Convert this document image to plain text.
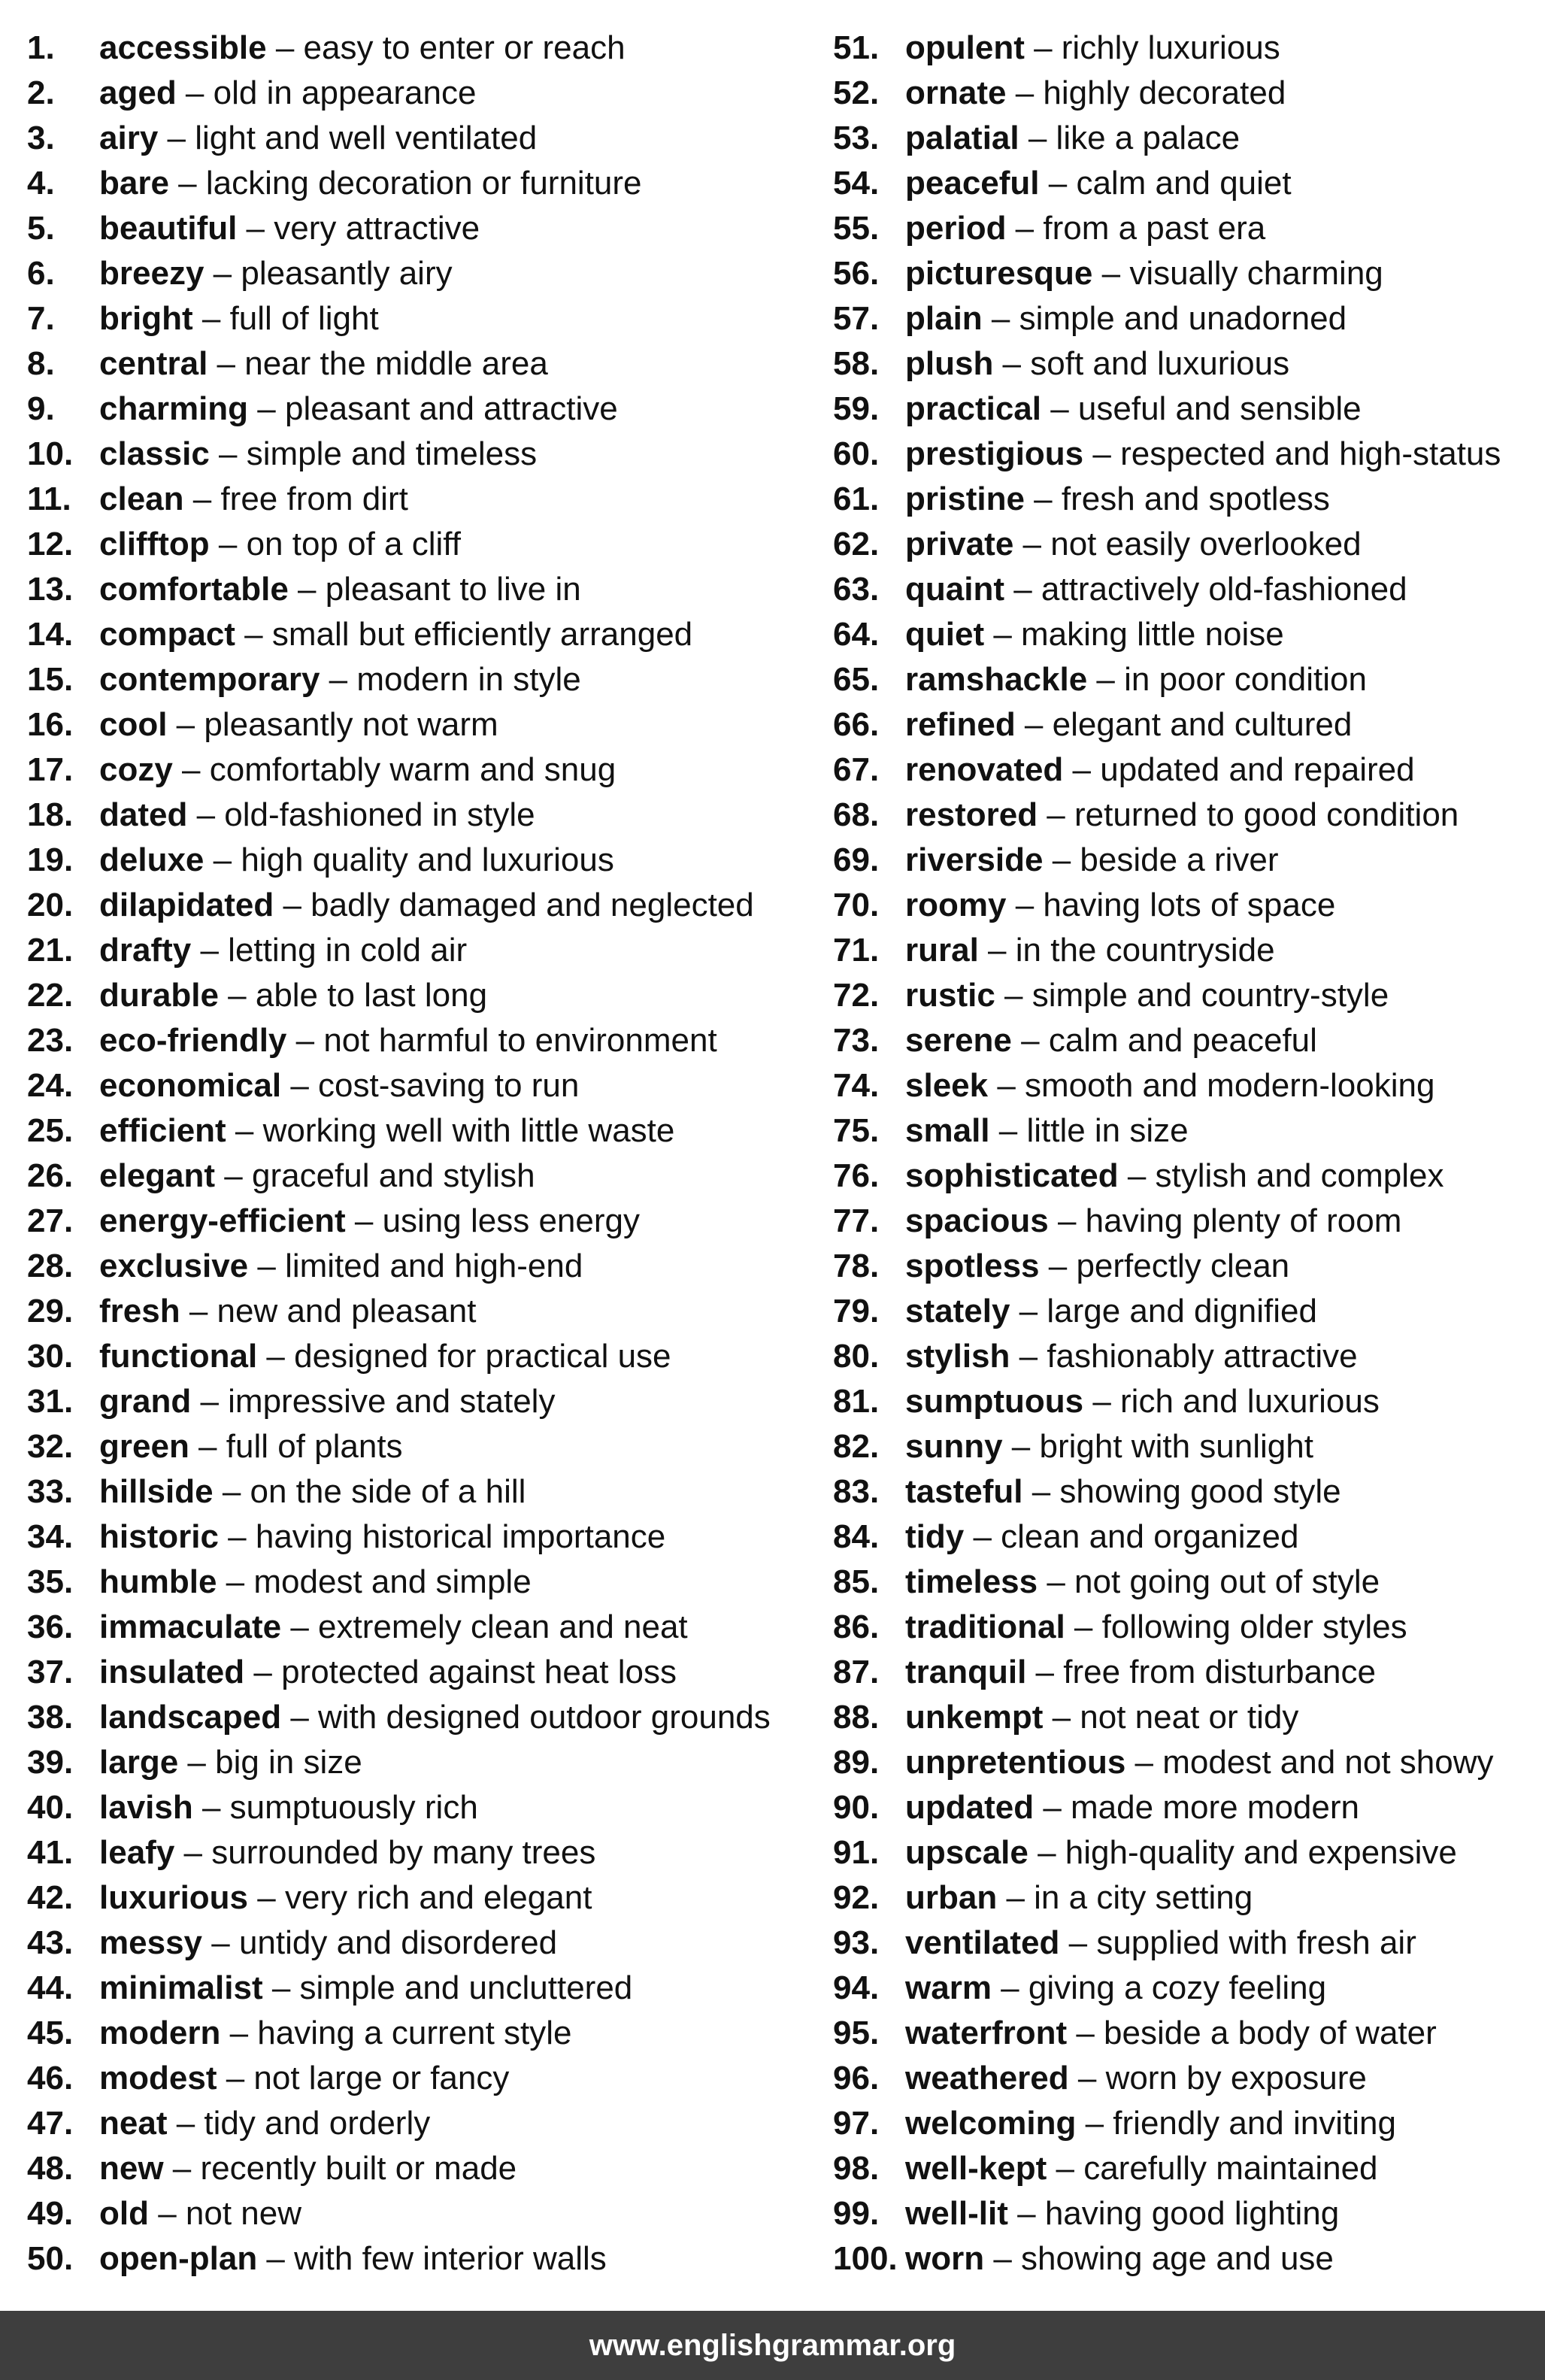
1. accessible – easy to enter or reach
2. aged – old in appearance
3. airy – light and well ventilated
4. bare – lacking decoration or furniture
5. beautiful – very attractive
6. breezy – pleasantly airy
7. bright – full of light
8. central – near the middle area
9. charming – pleasant and attractive
10. classic – simple and timeless
11. clean – free from dirt
12. clifftop – on top of a cliff
13. comfortable – pleasant to live in
14. compact – small but efficiently arranged
15. contemporary – modern in style
16. cool – pleasantly not warm
17. cozy – comfortably warm and snug
18. dated – old-fashioned in style
19. deluxe – high quality and luxurious
20. dilapidated – badly damaged and neglected
21. drafty – letting in cold air
22. durable – able to last long
23. eco-friendly – not harmful to environment
24. economical – cost-saving to run
25. efficient – working well with little waste
26. elegant – graceful and stylish
27. energy-efficient – using less energy
28. exclusive – limited and high-end
29. fresh – new and pleasant
30. functional – designed for practical use
31. grand – impressive and stately
32. green – full of plants
33. hillside – on the side of a hill
34. historic – having historical importance
35. humble – modest and simple
36. immaculate – extremely clean and neat
37. insulated – protected against heat loss
38. landscaped – with designed outdoor grounds
39. large – big in size
40. lavish – sumptuously rich
41. leafy – surrounded by many trees
42. luxurious – very rich and elegant
43. messy – untidy and disordered
44. minimalist – simple and uncluttered
45. modern – having a current style
46. modest – not large or fancy
47. neat – tidy and orderly
48. new – recently built or made
49. old – not new
50. open-plan – with few interior walls
51. opulent – richly luxurious
52. ornate – highly decorated
53. palatial – like a palace
54. peaceful – calm and quiet
55. period – from a past era
56. picturesque – visually charming
57. plain – simple and unadorned
58. plush – soft and luxurious
59. practical – useful and sensible
60. prestigious – respected and high-status
61. pristine – fresh and spotless
62. private – not easily overlooked
63. quaint – attractively old-fashioned
64. quiet – making little noise
65. ramshackle – in poor condition
66. refined – elegant and cultured
67. renovated – updated and repaired
68. restored – returned to good condition
69. riverside – beside a river
70. roomy – having lots of space
71. rural – in the countryside
72. rustic – simple and country-style
73. serene – calm and peaceful
74. sleek – smooth and modern-looking
75. small – little in size
76. sophisticated – stylish and complex
77. spacious – having plenty of room
78. spotless – perfectly clean
79. stately – large and dignified
80. stylish – fashionably attractive
81. sumptuous – rich and luxurious
82. sunny – bright with sunlight
83. tasteful – showing good style
84. tidy – clean and organized
85. timeless – not going out of style
86. traditional – following older styles
87. tranquil – free from disturbance
88. unkempt – not neat or tidy
89. unpretentious – modest and not showy
90. updated – made more modern
91. upscale – high-quality and expensive
92. urban – in a city setting
93. ventilated – supplied with fresh air
94. warm – giving a cozy feeling
95. waterfront – beside a body of water
96. weathered – worn by exposure
97. welcoming – friendly and inviting
98. well-kept – carefully maintained
99. well-lit – having good lighting
100. worn – showing age and use
www.englishgrammar.org
